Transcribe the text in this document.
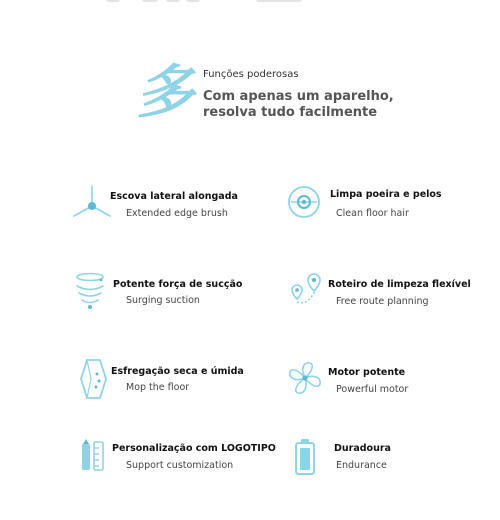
多
Funções poderosas
Com apenas um aparelho, resolva tudo facilmente
Escova lateral alongada
Extended edge brush
Limpa poeira e pelos
Clean floor hair
Potente força de sucção
Surging suction
Roteiro de limpeza flexível
Free route planning
Esfregação seca e úmida
Mop the floor
Motor potente
Powerful motor
Personalização com LOGOTIPO
Support customization
Duradoura
Endurance
